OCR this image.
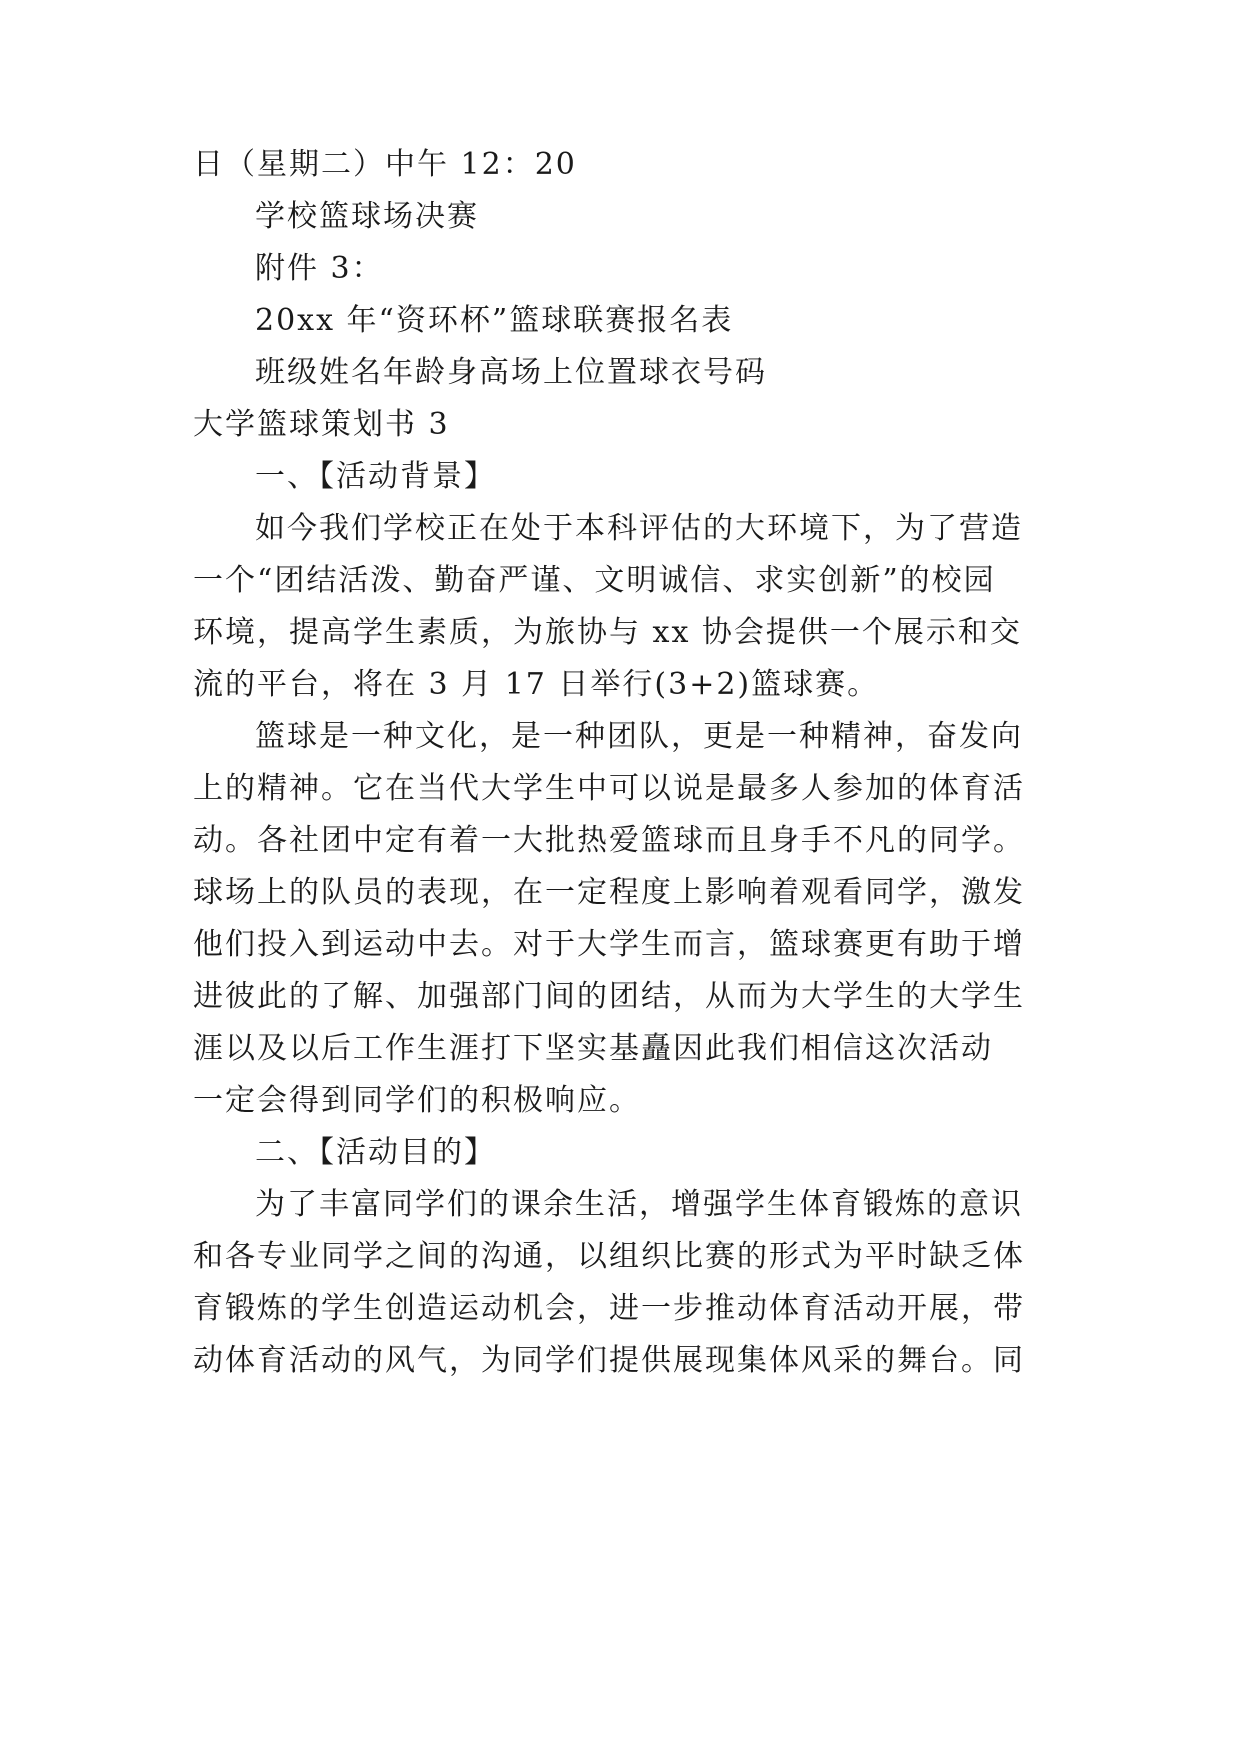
日（星期二）中午 12：20
学校篮球场决赛
附件 3：
20xx 年“资环杯”篮球联赛报名表
班级姓名年龄身高场上位置球衣号码
大学篮球策划书 3
一、【活动背景】
如今我们学校正在处于本科评估的大环境下，为了营造
一个“团结活泼、勤奋严谨、文明诚信、求实创新”的校园
环境，提高学生素质，为旅协与 xx 协会提供一个展示和交
流的平台，将在 3 月 17 日举行(3+2)篮球赛。
篮球是一种文化，是一种团队，更是一种精神，奋发向
上的精神。它在当代大学生中可以说是最多人参加的体育活
动。各社团中定有着一大批热爱篮球而且身手不凡的同学。
球场上的队员的表现，在一定程度上影响着观看同学，激发
他们投入到运动中去。对于大学生而言，篮球赛更有助于增
进彼此的了解、加强部门间的团结，从而为大学生的大学生
涯以及以后工作生涯打下坚实基矗因此我们相信这次活动
一定会得到同学们的积极响应。
二、【活动目的】
为了丰富同学们的课余生活，增强学生体育锻炼的意识
和各专业同学之间的沟通，以组织比赛的形式为平时缺乏体
育锻炼的学生创造运动机会，进一步推动体育活动开展，带
动体育活动的风气，为同学们提供展现集体风采的舞台。同
